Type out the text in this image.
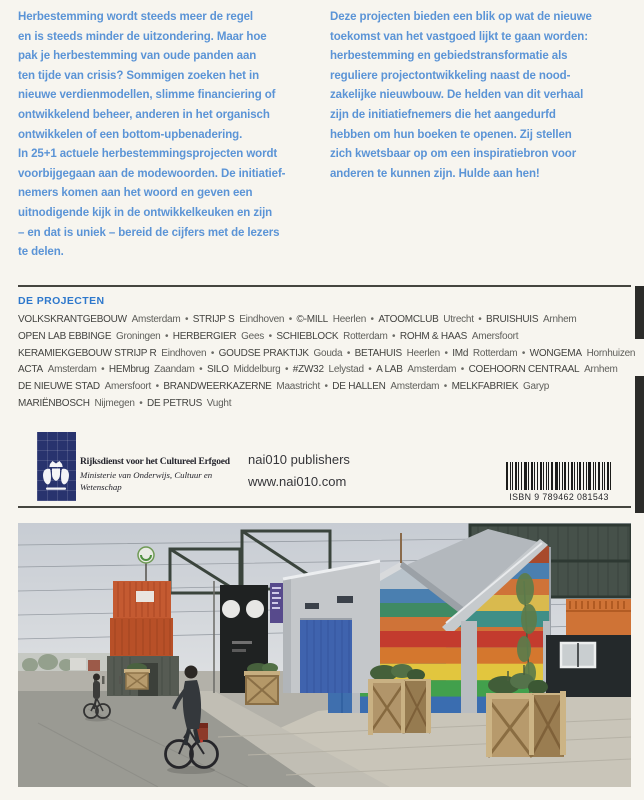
Herbestemming wordt steeds meer de regel
en is steeds minder de uitzondering. Maar hoe
pak je herbestemming van oude panden aan
ten tijde van crisis? Sommigen zoeken het in
nieuwe verdienmodellen, slimme financiering of
ontwikkelend beheer, anderen in het organisch
ontwikkelen of een bottom-upbenadering.
In 25+1 actuele herbestemmingsprojecten wordt
voorbijgegaan aan de modewoorden. De initiatief-
nemers komen aan het woord en geven een
uitnodigende kijk in de ontwikkelkeuken en zijn
– en dat is uniek – bereid de cijfers met de lezers
te delen.
Deze projecten bieden een blik op wat de nieuwe
toekomst van het vastgoed lijkt te gaan worden:
herbestemming en gebiedstransformatie als
reguliere projectontwikkeling naast de nood-
zakelijke nieuwbouw. De helden van dit verhaal
zijn de initiatiefnemers die het aangedurfd
hebben om hun boeken te openen. Zij stellen
zich kwetsbaar op om een inspiratiebron voor
anderen te kunnen zijn. Hulde aan hen!
DE PROJECTEN
VOLKSKRANTGEBOUW Amsterdam • STRIJP S Eindhoven • ©-MILL Heerlen • ATOOMCLUB Utrecht • BRUISHUIS Arnhem
OPEN LAB EBBINGE Groningen • HERBERGIER Gees • SCHIEBLOCK Rotterdam • ROHM & HAAS Amersfoort
KERAMIEKGEBOUW STRIJP R Eindhoven • GOUDSE PRAKTIJK Gouda • BETAHUIS Heerlen • IMd Rotterdam • WONGEMA Hornhuizen
ACTA Amsterdam • HEMbrug Zaandam • SILO Middelburg • #ZW32 Lelystad • A LAB Amsterdam • COEHOORN CENTRAAL Arnhem
DE NIEUWE STAD Amersfoort • BRANDWEERKAZERNE Maastricht • DE HALLEN Amsterdam • MELKFABRIEK Garyp
MARIËNBOSCH Nijmegen • DE PETRUS Vught
Rijksdienst voor het Cultureel Erfgoed
Ministerie van Onderwijs, Cultuur en
Wetenschap
nai010 publishers
www.nai010.com
ISBN 9 789462 081543
